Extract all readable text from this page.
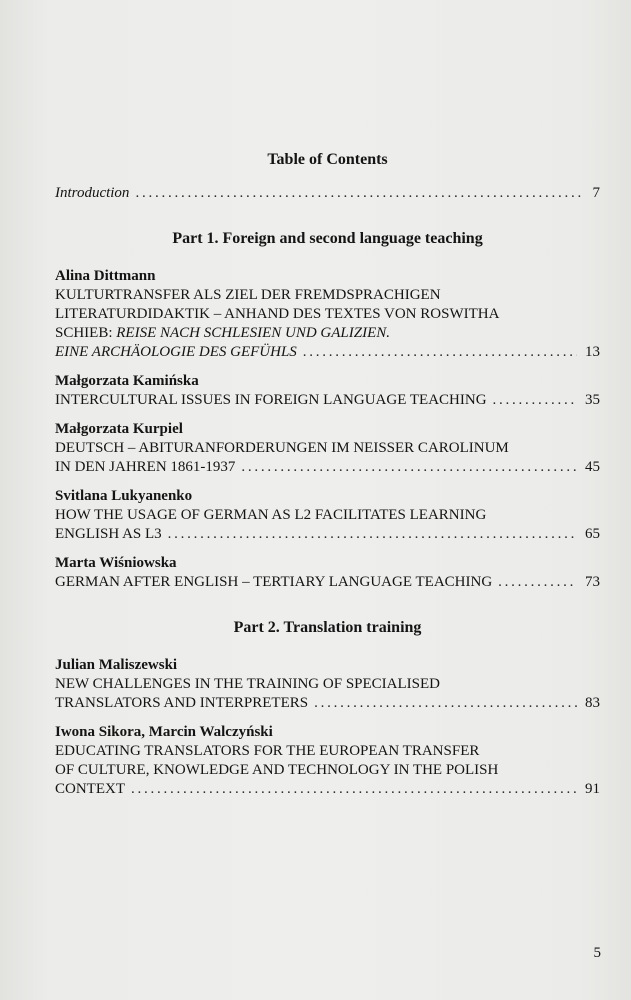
Table of Contents
Introduction . . .	7
Part 1. Foreign and second language teaching
Alina Dittmann
KULTURTRANSFER ALS ZIEL DER FREMDSPRACHIGEN
LITERATURDIDAKTIK – ANHAND DES TEXTES VON ROSWITHA
SCHIEB: REISE NACH SCHLESIEN UND GALIZIEN.
EINE ARCHÄOLOGIE DES GEFÜHLS . . .	13
Małgorzata Kamińska
INTERCULTURAL ISSUES IN FOREIGN LANGUAGE TEACHING . . .	35
Małgorzata Kurpiel
DEUTSCH – ABITURANFORDERUNGEN IM NEISSER CAROLINUM
IN DEN JAHREN 1861-1937 . . .	45
Svitlana Lukyanenko
HOW THE USAGE OF GERMAN AS L2 FACILITATES LEARNING
ENGLISH AS L3 . . .	65
Marta Wiśniowska
GERMAN AFTER ENGLISH – TERTIARY LANGUAGE TEACHING . . .	73
Part 2. Translation training
Julian Maliszewski
NEW CHALLENGES IN THE TRAINING OF SPECIALISED
TRANSLATORS AND INTERPRETERS . . .	83
Iwona Sikora, Marcin Walczyński
EDUCATING TRANSLATORS FOR THE EUROPEAN TRANSFER
OF CULTURE, KNOWLEDGE AND TECHNOLOGY IN THE POLISH
CONTEXT . . .	91
5
